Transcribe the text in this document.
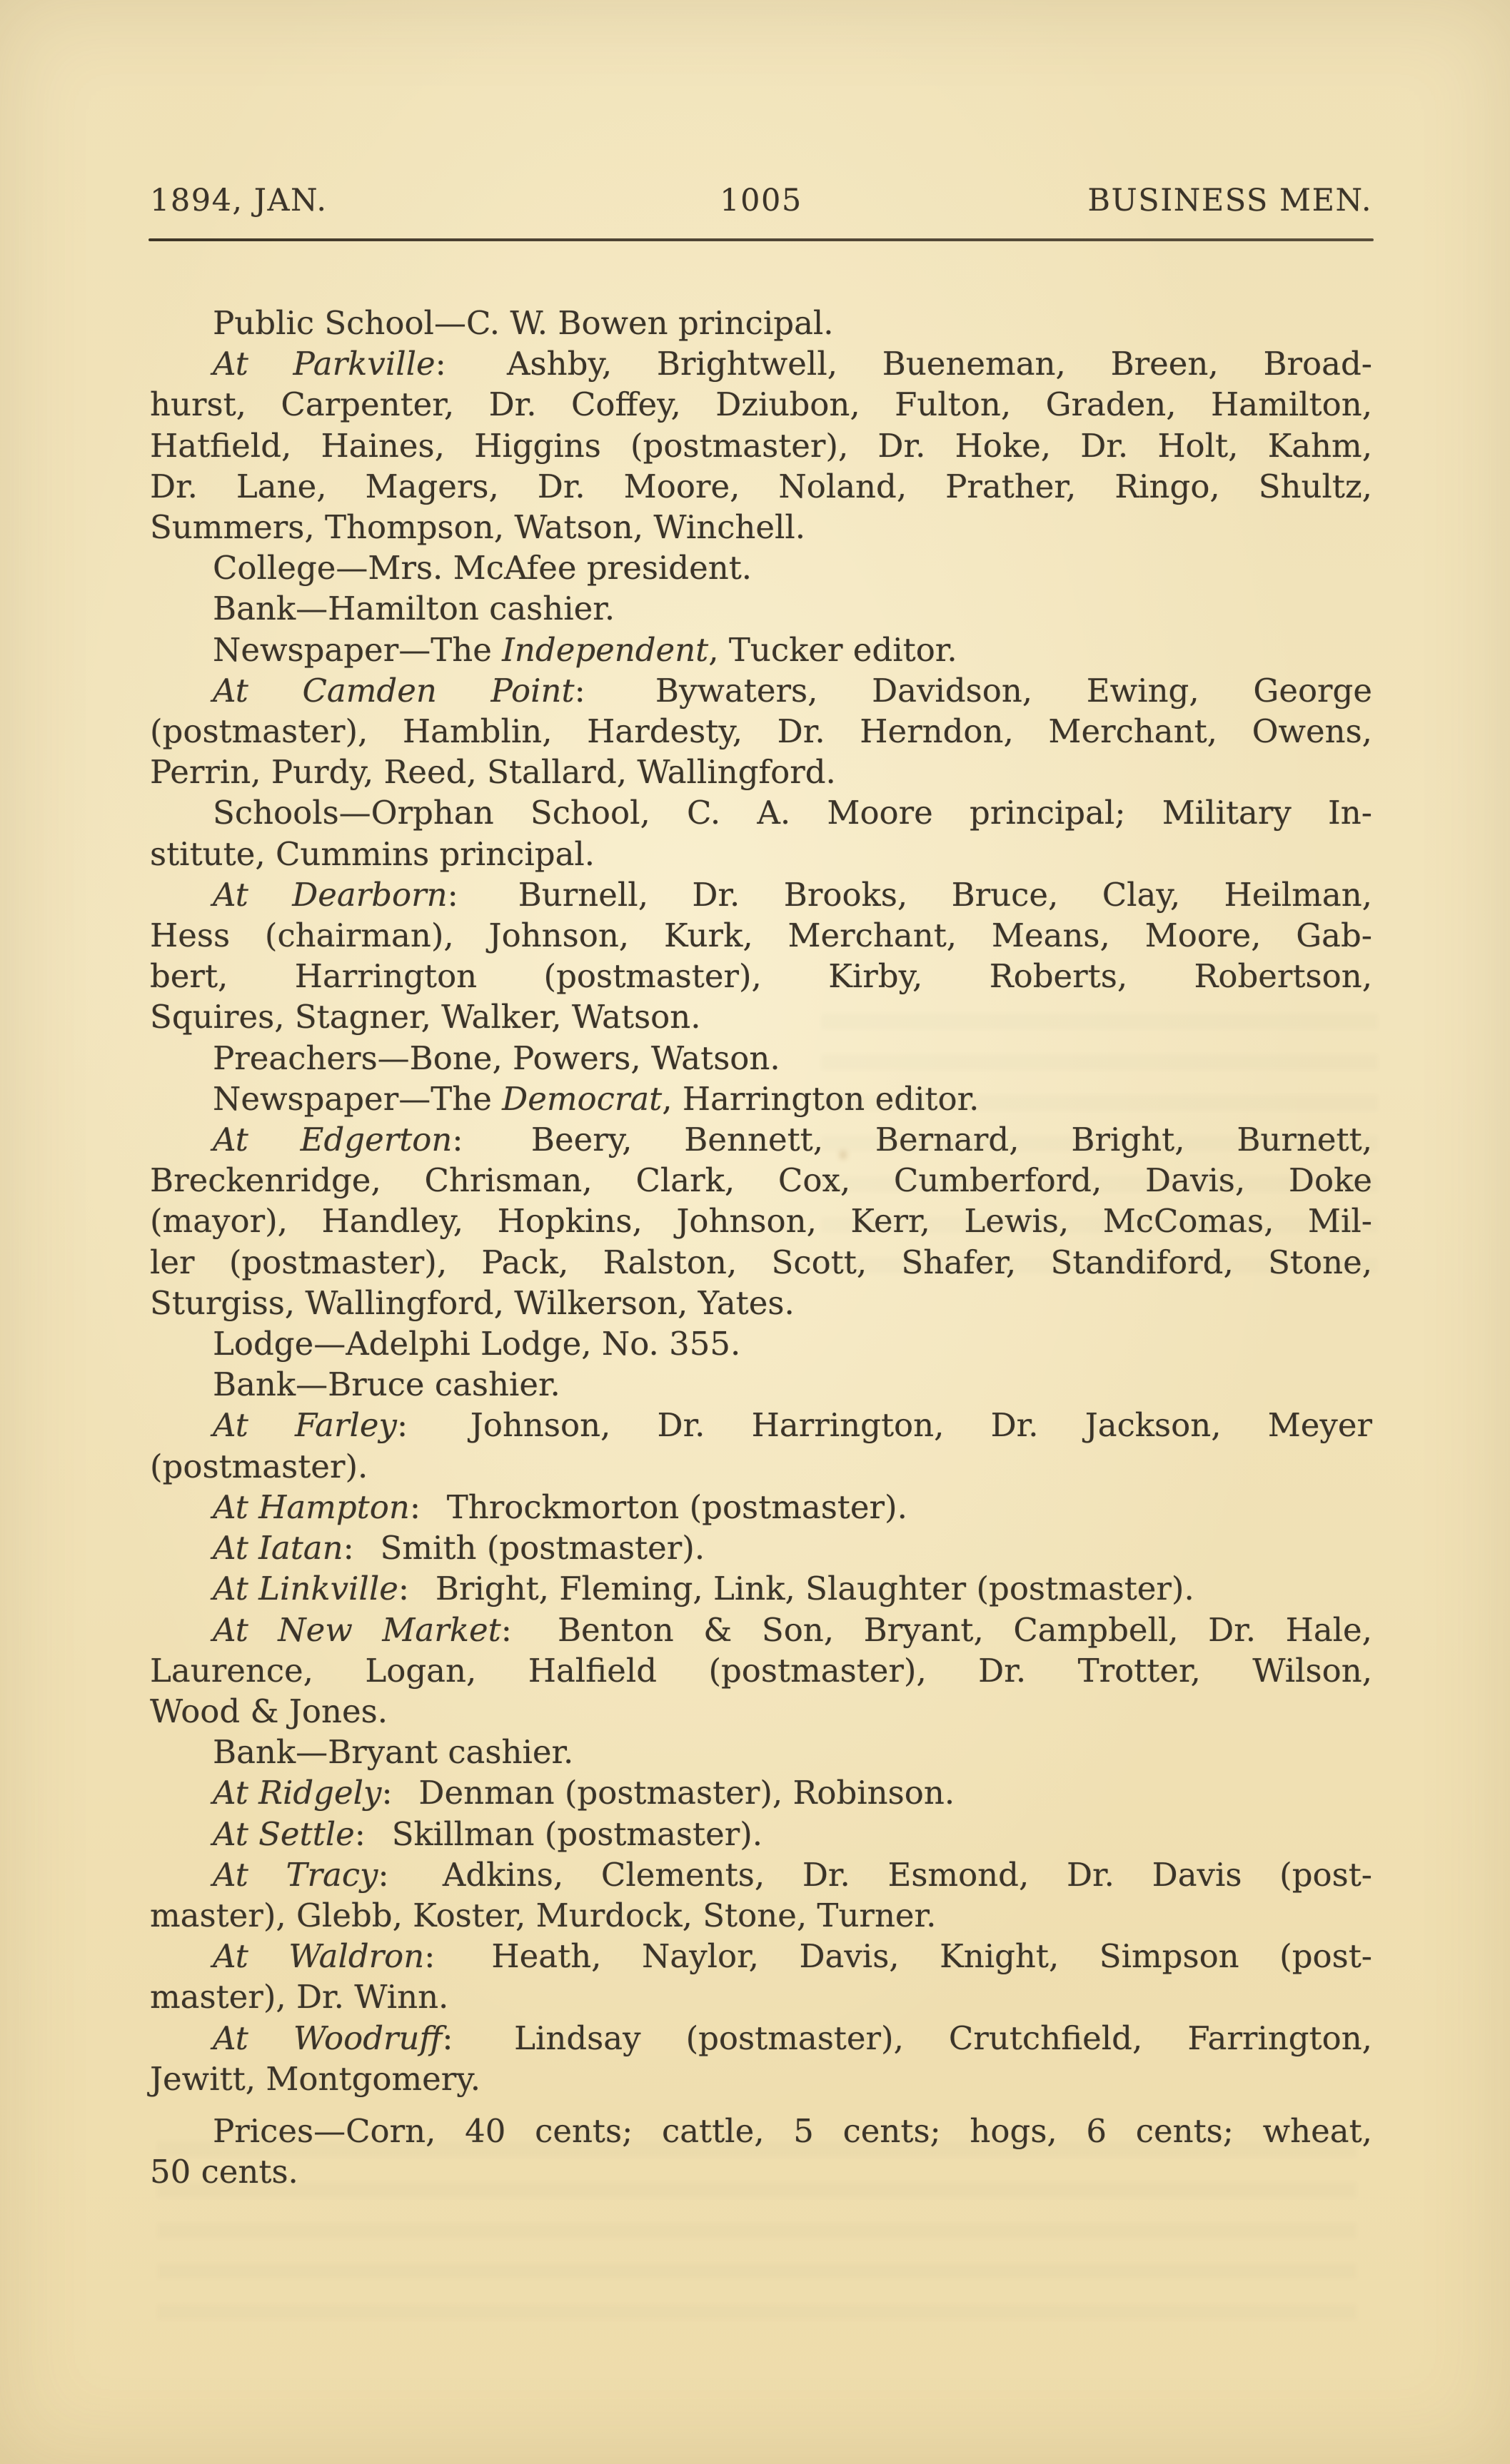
1894, JAN.	1005	BUSINESS MEN.
Public School—C. W. Bowen principal.
At Parkville:  Ashby, Brightwell, Bueneman, Breen, Broad-
hurst, Carpenter, Dr. Coffey, Dziubon, Fulton, Graden, Hamilton,
Hatfield, Haines, Higgins (postmaster), Dr. Hoke, Dr. Holt, Kahm,
Dr. Lane, Magers, Dr. Moore, Noland, Prather, Ringo, Shultz,
Summers, Thompson, Watson, Winchell.
College—Mrs. McAfee president.
Bank—Hamilton cashier.
Newspaper—The Independent, Tucker editor.
At Camden Point:  Bywaters, Davidson, Ewing, George
(postmaster), Hamblin, Hardesty, Dr. Herndon, Merchant, Owens,
Perrin, Purdy, Reed, Stallard, Wallingford.
Schools—Orphan School, C. A. Moore principal; Military In-
stitute, Cummins principal.
At Dearborn:  Burnell, Dr. Brooks, Bruce, Clay, Heilman,
Hess (chairman), Johnson, Kurk, Merchant, Means, Moore, Gab-
bert, Harrington (postmaster), Kirby, Roberts, Robertson,
Squires, Stagner, Walker, Watson.
Preachers—Bone, Powers, Watson.
Newspaper—The Democrat, Harrington editor.
At Edgerton:  Beery, Bennett, Bernard, Bright, Burnett,
Breckenridge, Chrisman, Clark, Cox, Cumberford, Davis, Doke
(mayor), Handley, Hopkins, Johnson, Kerr, Lewis, McComas, Mil-
ler (postmaster), Pack, Ralston, Scott, Shafer, Standiford, Stone,
Sturgiss, Wallingford, Wilkerson, Yates.
Lodge—Adelphi Lodge, No. 355.
Bank—Bruce cashier.
At Farley:  Johnson, Dr. Harrington, Dr. Jackson, Meyer
(postmaster).
At Hampton:  Throckmorton (postmaster).
At Iatan:  Smith (postmaster).
At Linkville:  Bright, Fleming, Link, Slaughter (postmaster).
At New Market:  Benton & Son, Bryant, Campbell, Dr. Hale,
Laurence, Logan, Halfield (postmaster), Dr. Trotter, Wilson,
Wood & Jones.
Bank—Bryant cashier.
At Ridgely:  Denman (postmaster), Robinson.
At Settle:  Skillman (postmaster).
At Tracy:  Adkins, Clements, Dr. Esmond, Dr. Davis (post-
master), Glebb, Koster, Murdock, Stone, Turner.
At Waldron:  Heath, Naylor, Davis, Knight, Simpson (post-
master), Dr. Winn.
At Woodruff:  Lindsay (postmaster), Crutchfield, Farrington,
Jewitt, Montgomery.
Prices—Corn, 40 cents; cattle, 5 cents; hogs, 6 cents; wheat,
50 cents.
